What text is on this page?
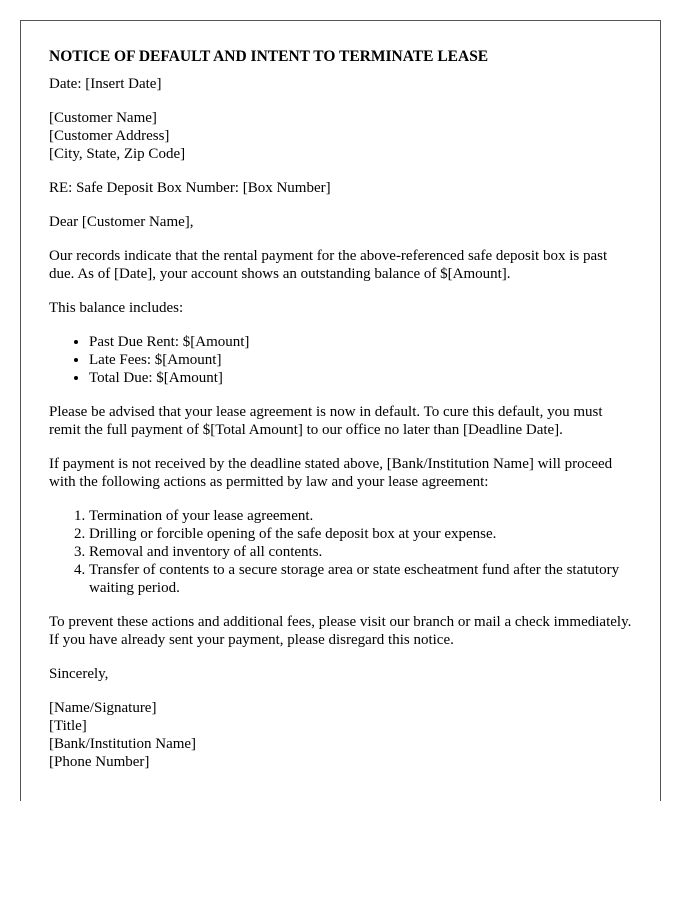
NOTICE OF DEFAULT AND INTENT TO TERMINATE LEASE

Date: [Insert Date]

[Customer Name]
[Customer Address]
[City, State, Zip Code]

RE: Safe Deposit Box Number: [Box Number]

Dear [Customer Name],

Our records indicate that the rental payment for the above-referenced safe deposit box is past due. As of [Date], your account shows an outstanding balance of $[Amount].

This balance includes:

• Past Due Rent: $[Amount]
• Late Fees: $[Amount]
• Total Due: $[Amount]

Please be advised that your lease agreement is now in default. To cure this default, you must remit the full payment of $[Total Amount] to our office no later than [Deadline Date].

If payment is not received by the deadline stated above, [Bank/Institution Name] will proceed with the following actions as permitted by law and your lease agreement:

1. Termination of your lease agreement.
2. Drilling or forcible opening of the safe deposit box at your expense.
3. Removal and inventory of all contents.
4. Transfer of contents to a secure storage area or state escheatment fund after the statutory waiting period.

To prevent these actions and additional fees, please visit our branch or mail a check immediately. If you have already sent your payment, please disregard this notice.

Sincerely,

[Name/Signature]
[Title]
[Bank/Institution Name]
[Phone Number]
